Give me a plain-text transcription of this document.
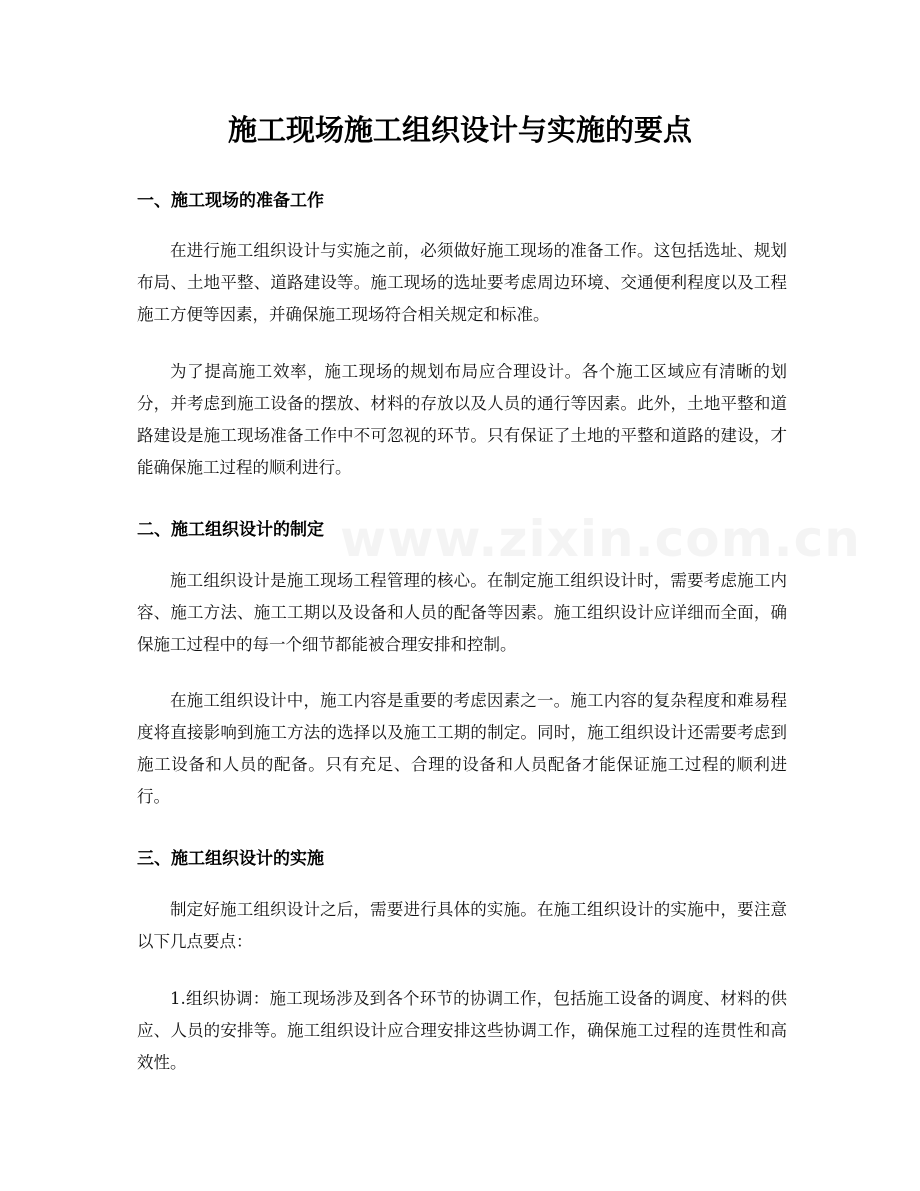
施工现场施工组织设计与实施的要点
一、施工现场的准备工作

在进行施工组织设计与实施之前，必须做好施工现场的准备工作。这包括选址、规划布局、土地平整、道路建设等。施工现场的选址要考虑周边环境、交通便利程度以及工程施工方便等因素，并确保施工现场符合相关规定和标准。

为了提高施工效率，施工现场的规划布局应合理设计。各个施工区域应有清晰的划分，并考虑到施工设备的摆放、材料的存放以及人员的通行等因素。此外，土地平整和道路建设是施工现场准备工作中不可忽视的环节。只有保证了土地的平整和道路的建设，才能确保施工过程的顺利进行。

二、施工组织设计的制定

施工组织设计是施工现场工程管理的核心。在制定施工组织设计时，需要考虑施工内容、施工方法、施工工期以及设备和人员的配备等因素。施工组织设计应详细而全面，确保施工过程中的每一个细节都能被合理安排和控制。

在施工组织设计中，施工内容是重要的考虑因素之一。施工内容的复杂程度和难易程度将直接影响到施工方法的选择以及施工工期的制定。同时，施工组织设计还需要考虑到施工设备和人员的配备。只有充足、合理的设备和人员配备才能保证施工过程的顺利进行。

三、施工组织设计的实施

制定好施工组织设计之后，需要进行具体的实施。在施工组织设计的实施中，要注意以下几点要点：

1.组织协调：施工现场涉及到各个环节的协调工作，包括施工设备的调度、材料的供应、人员的安排等。施工组织设计应合理安排这些协调工作，确保施工过程的连贯性和高效性。
